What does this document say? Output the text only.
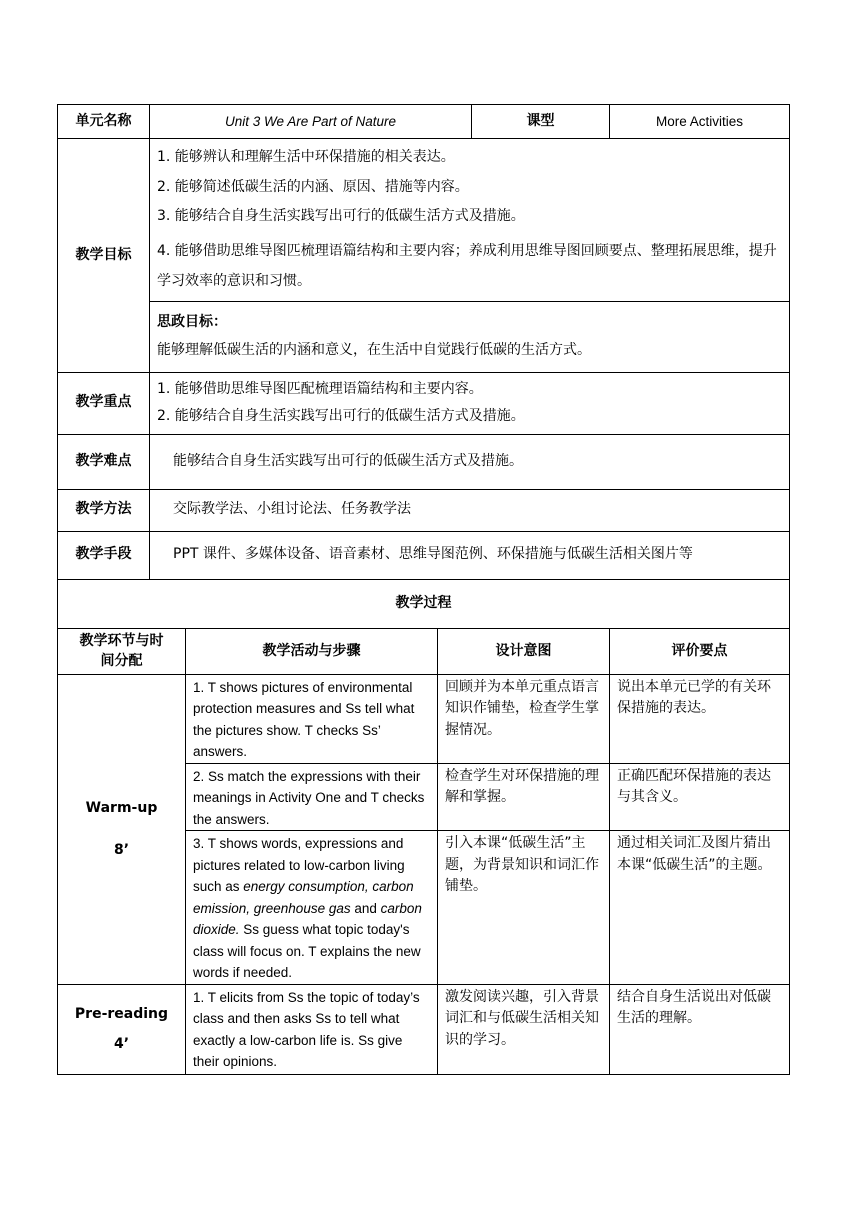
单元名称	Unit 3 We Are Part of Nature			课型	More Activities
教学目标	1. 能够辨认和理解生活中环保措施的相关表达。
2. 能够简述低碳生活的内涵、原因、措施等内容。
3. 能够结合自身生活实践写出可行的低碳生活方式及措施。
4. 能够借助思维导图匹梳理语篇结构和主要内容；养成利用思维导图回顾要点、整理拓展思维，提升学习效率的意识和习惯。				

	思政目标：
能够理解低碳生活的内涵和意义，在生活中自觉践行低碳的生活方式。				

教学重点	1. 能够借助思维导图匹配梳理语篇结构和主要内容。
2. 能够结合自身生活实践写出可行的低碳生活方式及措施。				

教学难点	能够结合自身生活实践写出可行的低碳生活方式及措施。				
教学方法	交际教学法、小组讨论法、任务教学法				
教学手段	PPT 课件、多媒体设备、语音素材、思维导图范例、环保措施与低碳生活相关图片等				
教学过程					
教学环节与时间分配		教学活动与步骤	设计意图		评价要点

Warm-up
8’		1. T shows pictures of environmental protection measures and Ss tell what the pictures show. T checks Ss’ answers.	回顾并为本单元重点语言知识作铺垫，检查学生掌握情况。		说出本单元已学的有关环保措施的表达。
		2. Ss match the expressions with their meanings in Activity One and T checks the answers.	检查学生对环保措施的理解和掌握。		正确匹配环保措施的表达与其含义。
		3. T shows words, expressions and pictures related to low-carbon living such as energy consumption, carbon emission, greenhouse gas and carbon dioxide. Ss guess what topic today's class will focus on. T explains the new words if needed.	引入本课“低碳生活”主题，为背景知识和词汇作铺垫。		通过相关词汇及图片猜出本课“低碳生活”的主题。

Pre-reading
4’		1. T elicits from Ss the topic of today’s class and then asks Ss to tell what exactly a low-carbon life is. Ss give their opinions.	激发阅读兴趣，引入背景词汇和与低碳生活相关知识的学习。		结合自身生活说出对低碳生活的理解。
